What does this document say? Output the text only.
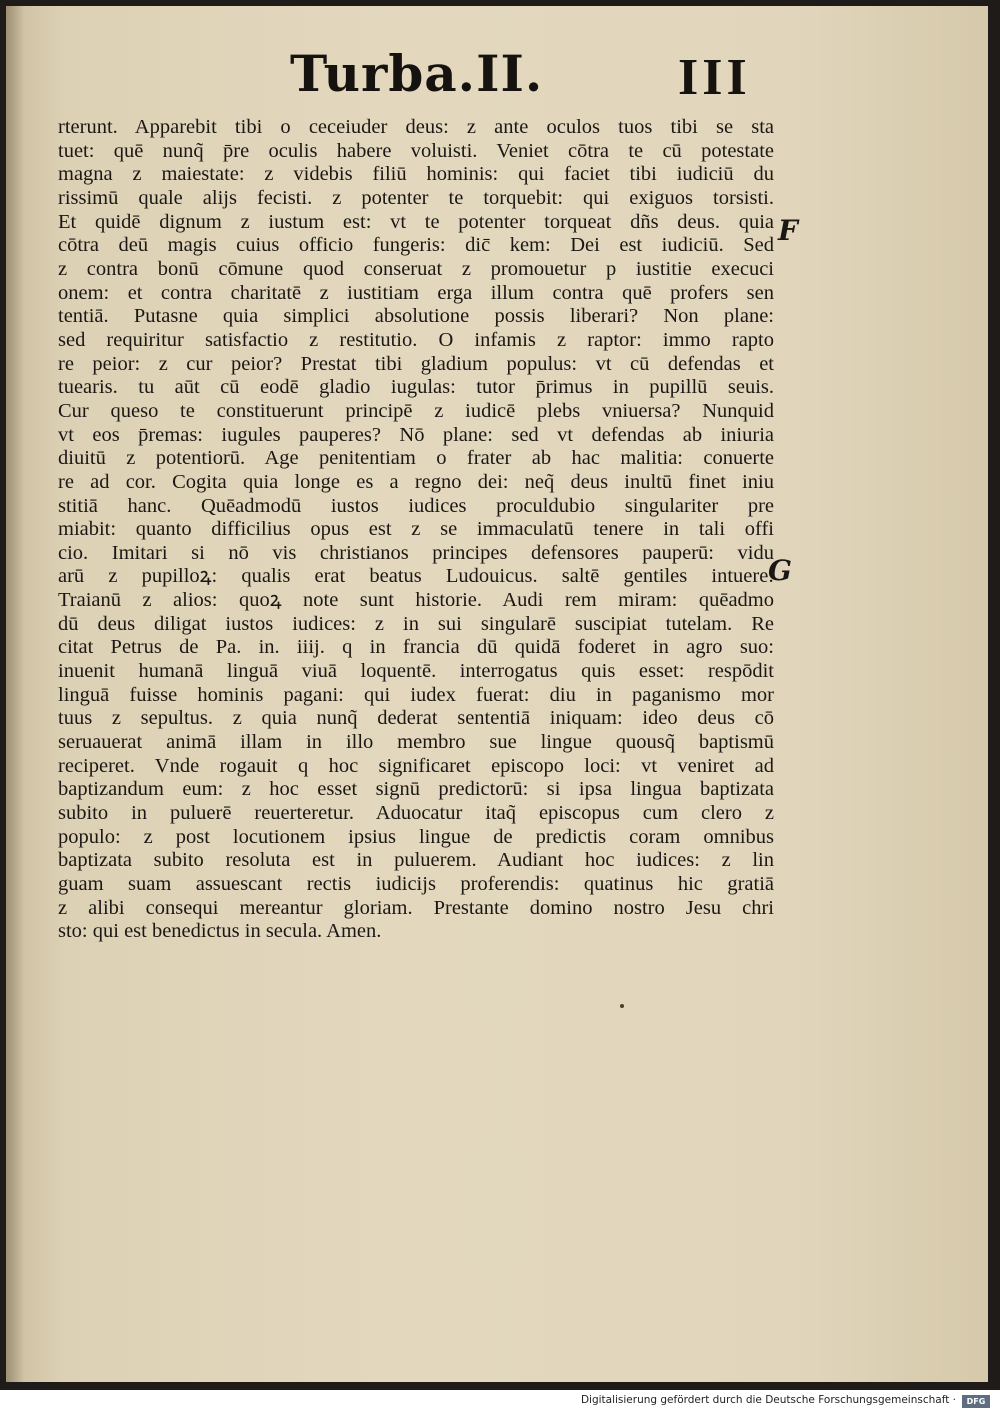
Turba.II.	III
rterunt. Apparebit tibi o ceceiuder deus: z ante oculos tuos tibi se sta
tuet: quē nunq̃ p̄re oculis habere voluisti. Veniet cōtra te cū potestate
magna z maiestate: z videbis filiū hominis: qui faciet tibi iudiciū du
rissimū quale alijs fecisti. z potenter te torquebit: qui exiguos torsisti.
Et quidē dignum z iustum est: vt te potenter torqueat dñs deus. quia
cōtra deū magis cuius officio fungeris: dic̄ kem: Dei est iudiciū. Sed
z contra bonū cōmune quod conseruat z promouetur p iustitie execuci
onem: et contra charitatē z iustitiam erga illum contra quē profers sen
tentiā. Putasne quia simplici absolutione possis liberari? Non plane:
sed requiritur satisfactio z restitutio. O infamis z raptor: immo rapto
re peior: z cur peior? Prestat tibi gladium populus: vt cū defendas et
tuearis. tu aūt cū eodē gladio iugulas: tutor p̄rimus in pupillū seuis.
Cur queso te constituerunt principē z iudicē plebs vniuersa? Nunquid
vt eos p̄remas: iugules pauperes? Nō plane: sed vt defendas ab iniuria
diuitū z potentiorū. Age penitentiam o frater ab hac malitia: conuerte
re ad cor. Cogita quia longe es a regno dei: neq̃ deus inultū finet iniu
stitiā hanc. Quēadmodū iustos iudices proculdubio singulariter pre
miabit: quanto difficilius opus est z se immaculatū tenere in tali offi
cio. Imitari si nō vis christianos principes defensores pauperū: vidu
arū z pupilloꝝ: qualis erat beatus Ludouicus. saltē gentiles intuere:
Traianū z alios: quoꝝ note sunt historie. Audi rem miram: quēadmo
dū deus diligat iustos iudices: z in sui singularē suscipiat tutelam. Re
citat Petrus de Pa. in. iiij. q in francia dū quidā foderet in agro suo:
inuenit humanā linguā viuā loquentē. interrogatus quis esset: respōdit
linguā fuisse hominis pagani: qui iudex fuerat: diu in paganismo mor
tuus z sepultus. z quia nunq̃ dederat sententiā iniquam: ideo deus cō
seruauerat animā illam in illo membro sue lingue quousq̃ baptismū
reciperet. Vnde rogauit q hoc significaret episcopo loci: vt veniret ad
baptizandum eum: z hoc esset signū predictorū: si ipsa lingua baptizata
subito in puluerē reuerteretur. Aduocatur itaq̃ episcopus cum clero z
populo: z post locutionem ipsius lingue de predictis coram omnibus
baptizata subito resoluta est in puluerem. Audiant hoc iudices: z lin
guam suam assuescant rectis iudicijs proferendis: quatinus hic gratiā
z alibi consequi mereantur gloriam. Prestante domino nostro Jesu chri
sto: qui est benedictus in secula. Amen.
F
G
Digitalisierung gefördert durch die Deutsche Forschungsgemeinschaft ·	DFG
